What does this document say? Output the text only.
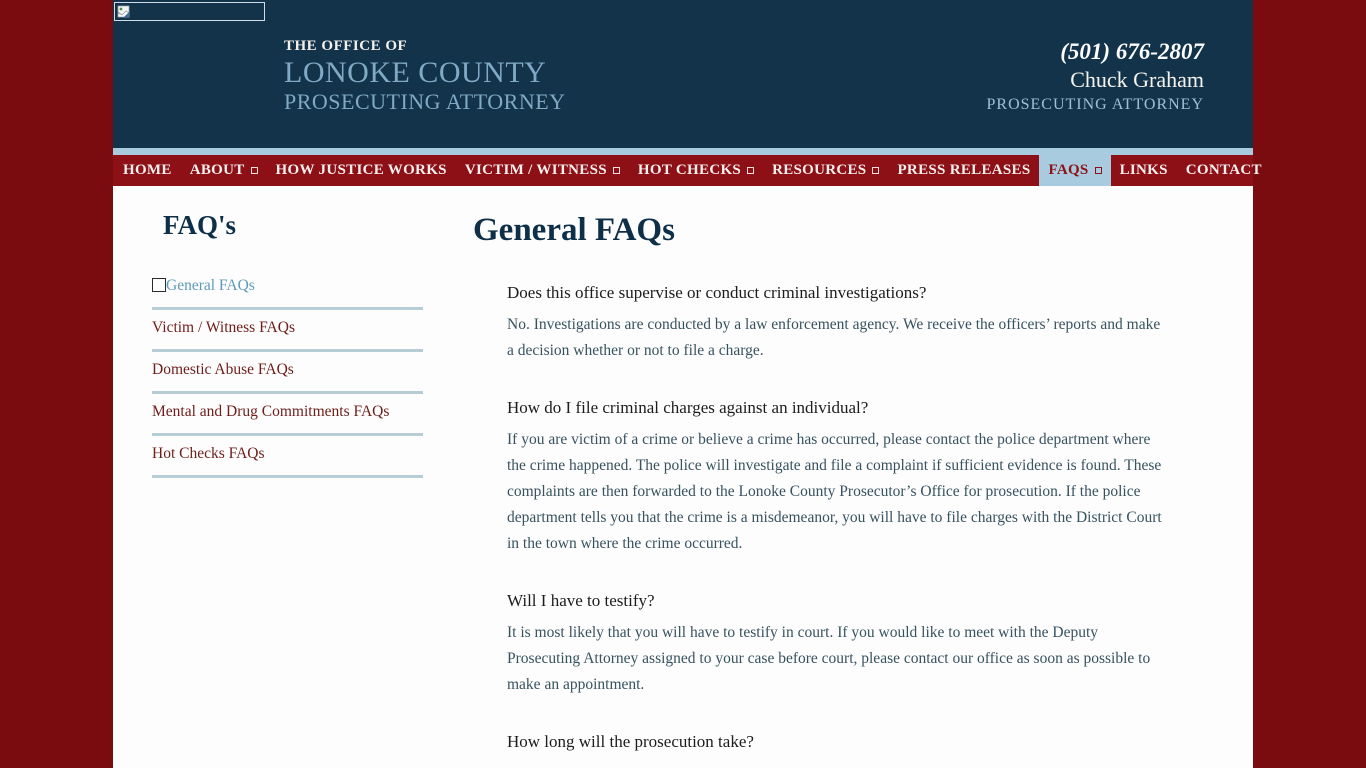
THE OFFICE OF
LONOKE COUNTY
PROSECUTING ATTORNEY
(501) 676-2807
Chuck Graham
PROSECUTING ATTORNEY
HOME ABOUT HOW JUSTICE WORKS VICTIM / WITNESS HOT CHECKS RESOURCES PRESS RELEASES FAQS LINKS CONTACT
FAQ's
General FAQs
Victim / Witness FAQs
Domestic Abuse FAQs
Mental and Drug Commitments FAQs
Hot Checks FAQs
General FAQs
Does this office supervise or conduct criminal investigations?

No. Investigations are conducted by a law enforcement agency. We receive the officers’ reports and make a decision whether or not to file a charge.

How do I file criminal charges against an individual?

If you are victim of a crime or believe a crime has occurred, please contact the police department where the crime happened. The police will investigate and file a complaint if sufficient evidence is found. These complaints are then forwarded to the Lonoke County Prosecutor’s Office for prosecution. If the police department tells you that the crime is a misdemeanor, you will have to file charges with the District Court in the town where the crime occurred.

Will I have to testify?

It is most likely that you will have to testify in court. If you would like to meet with the Deputy Prosecuting Attorney assigned to your case before court, please contact our office as soon as possible to make an appointment.

How long will the prosecution take?
